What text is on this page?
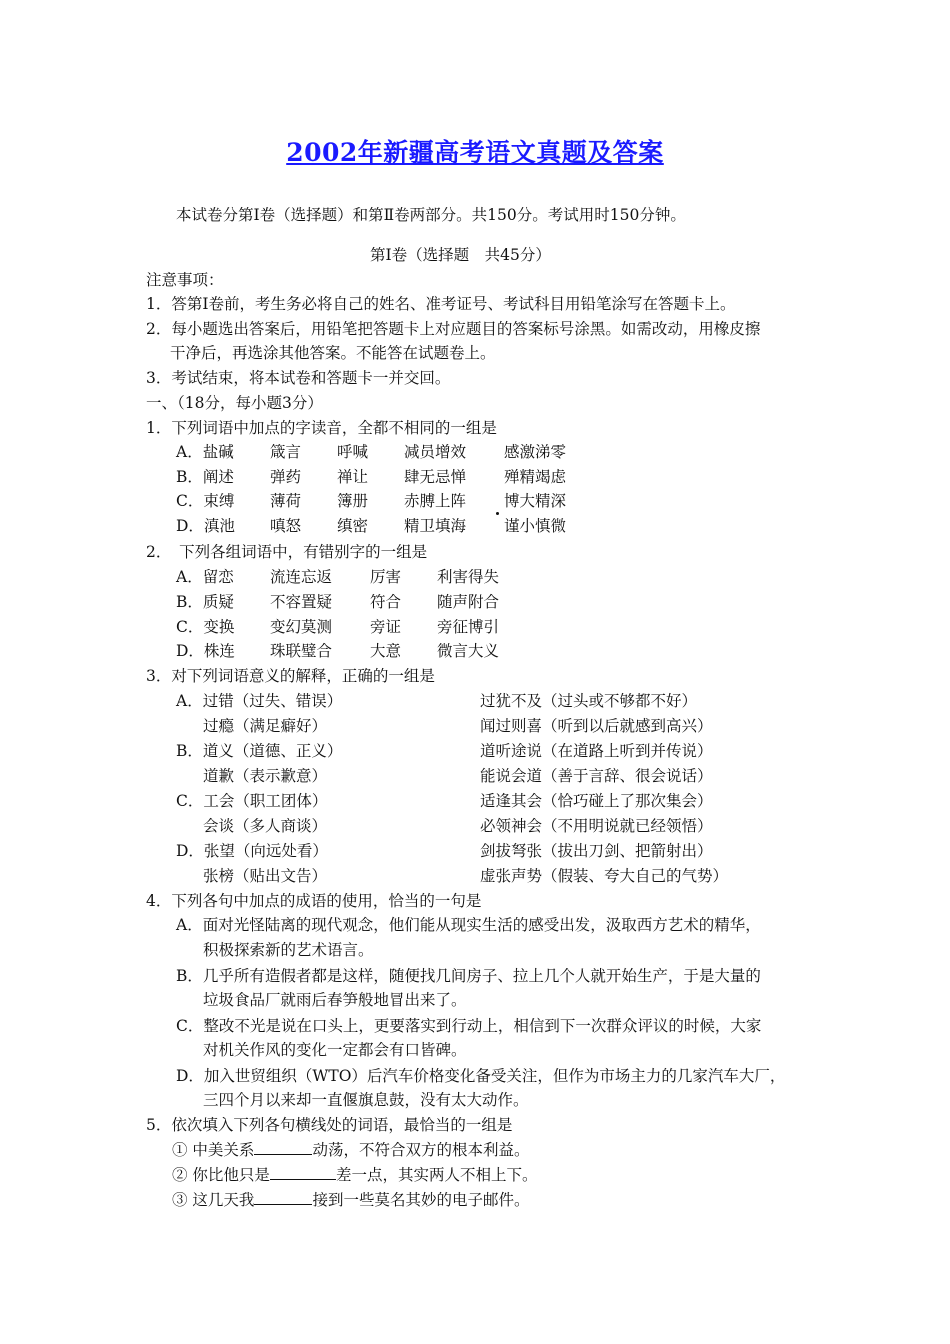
2002年新疆高考语文真题及答案
本试卷分第Ⅰ卷（选择题）和第Ⅱ卷两部分。共150分。考试用时150分钟。
第Ⅰ卷（选择题　共45分）
注意事项：
1．答第Ⅰ卷前，考生务必将自己的姓名、准考证号、考试科目用铅笔涂写在答题卡上。
2．每小题选出答案后，用铅笔把答题卡上对应题目的答案标号涂黑。如需改动，用橡皮擦
干净后，再选涂其他答案。不能答在试题卷上。
3．考试结束，将本试卷和答题卡一并交回。
一、（18分，每小题3分）
1．下列词语中加点的字读音，全都不相同的一组是
A．盐碱 箴言 呼喊 减员增效 感激涕零
B．阐述 弹药 禅让 肆无忌惮 殚精竭虑
C．束缚 薄荷 簿册 赤膊上阵 博大精深
D．滇池 嗔怒 缜密 精卫填海 谨小慎微
2．　下列各组词语中，有错别字的一组是
A．留恋 流连忘返 厉害 利害得失
B．质疑 不容置疑 符合 随声附合
C．变换 变幻莫测 旁证 旁征博引
D．株连 珠联璧合 大意 微言大义
3．对下列词语意义的解释，正确的一组是
A．过错（过失、错误）	过犹不及（过头或不够都不好）
过瘾（满足癖好）	闻过则喜（听到以后就感到高兴）
B．道义（道德、正义）	道听途说（在道路上听到并传说）
道歉（表示歉意）	能说会道（善于言辞、很会说话）
C．工会（职工团体）	适逢其会（恰巧碰上了那次集会）
会谈（多人商谈）	必领神会（不用明说就已经领悟）
D．张望（向远处看）	剑拔弩张（拔出刀剑、把箭射出）
张榜（贴出文告）	虚张声势（假装、夸大自己的气势）
4．下列各句中加点的成语的使用，恰当的一句是
A．面对光怪陆离的现代观念，他们能从现实生活的感受出发，汲取西方艺术的精华，
积极探索新的艺术语言。
B．几乎所有造假者都是这样，随便找几间房子、拉上几个人就开始生产，于是大量的
垃圾食品厂就雨后春笋般地冒出来了。
C．整改不光是说在口头上，更要落实到行动上，相信到下一次群众评议的时候，大家
对机关作风的变化一定都会有口皆碑。
D．加入世贸组织（WTO）后汽车价格变化备受关注，但作为市场主力的几家汽车大厂，
三四个月以来却一直偃旗息鼓，没有太大动作。
5．依次填入下列各句横线处的词语，最恰当的一组是
① 中美关系	动荡，不符合双方的根本利益。
② 你比他只是	差一点，其实两人不相上下。
③ 这几天我	接到一些莫名其妙的电子邮件。
